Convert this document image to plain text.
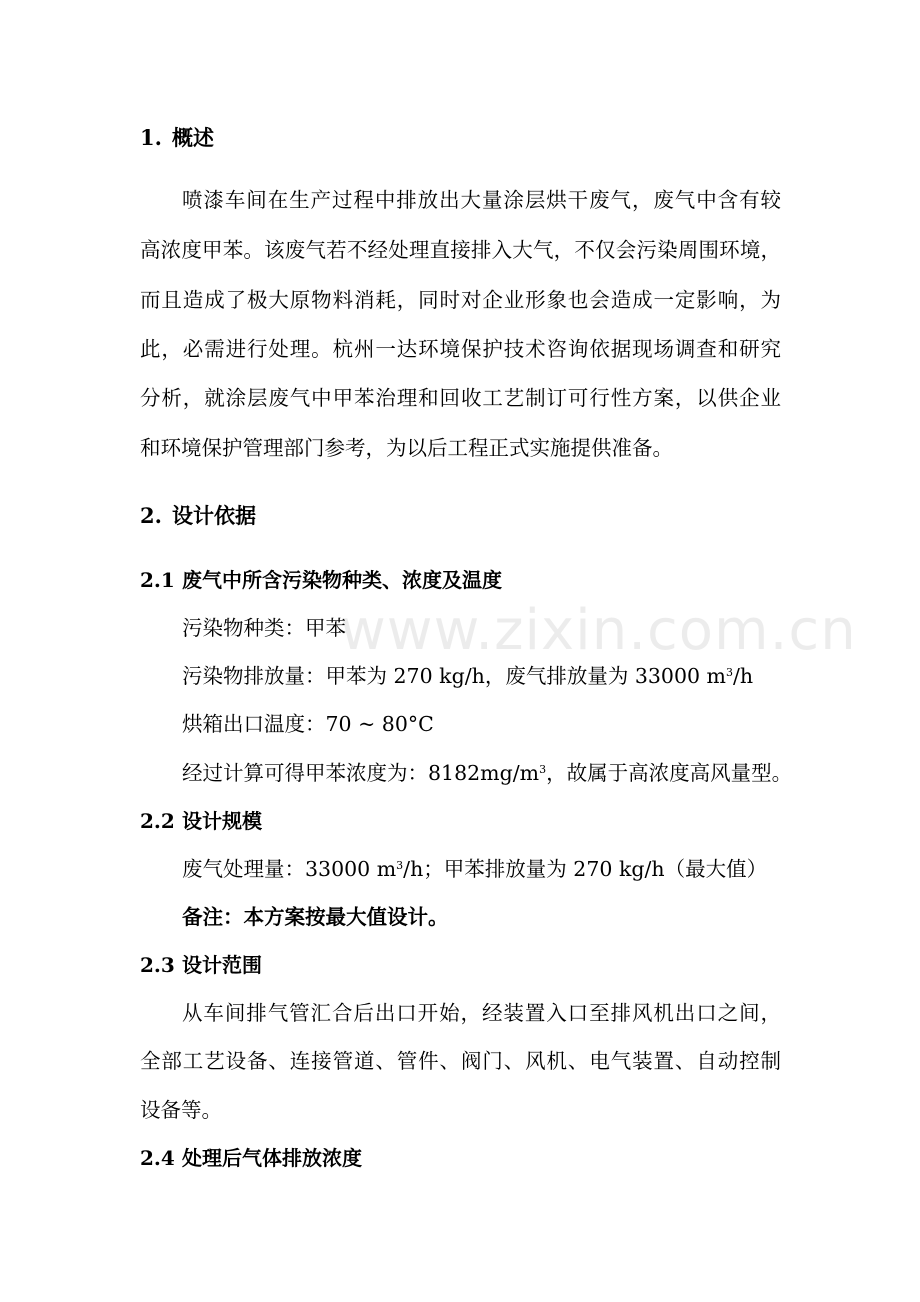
www.zixin.com.cn
1. 概述
喷漆车间在生产过程中排放出大量涂层烘干废气，废气中含有较
高浓度甲苯。该废气若不经处理直接排入大气，不仅会污染周围环境，
而且造成了极大原物料消耗，同时对企业形象也会造成一定影响，为
此，必需进行处理。杭州一达环境保护技术咨询依据现场调查和研究
分析，就涂层废气中甲苯治理和回收工艺制订可行性方案，以供企业
和环境保护管理部门参考，为以后工程正式实施提供准备。
2. 设计依据
2.1 废气中所含污染物种类、浓度及温度
污染物种类：甲苯
污染物排放量：甲苯为 270 kg/h，废气排放量为 33000 $m^3/h$
烘箱出口温度：70 ~ 80°C
经过计算可得甲苯浓度为：$8182mg/m^3$，故属于高浓度高风量型。
2.2 设计规模
废气处理量：33000 $m^3/h$；甲苯排放量为 270 kg/h（最大值）
备注：本方案按最大值设计。
2.3 设计范围
从车间排气管汇合后出口开始，经装置入口至排风机出口之间，
全部工艺设备、连接管道、管件、阀门、风机、电气装置、自动控制
设备等。
2.4 处理后气体排放浓度
